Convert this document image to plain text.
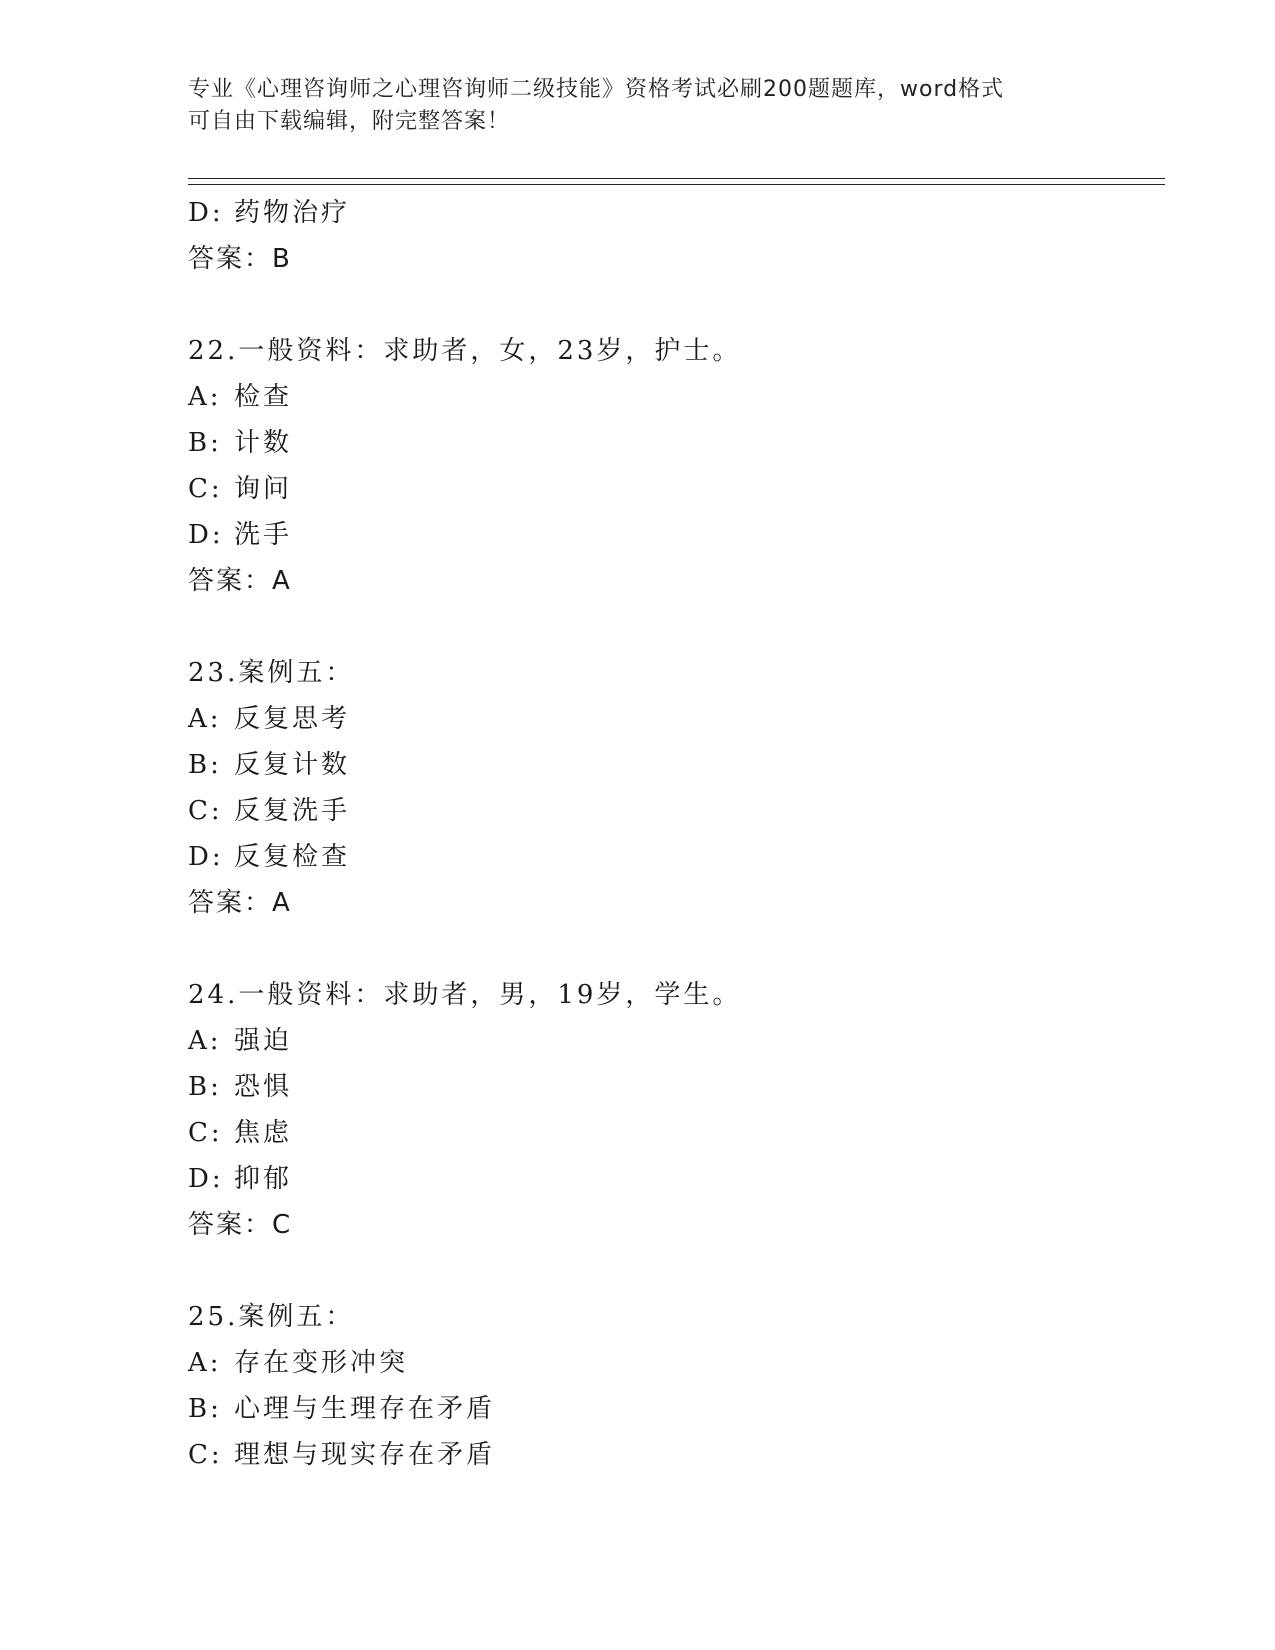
专业《心理咨询师之心理咨询师二级技能》资格考试必刷200题题库，word格式
可自由下载编辑，附完整答案！
D: 药物治疗
答案：B
22.一般资料：求助者，女，23岁，护士。
A: 检查
B: 计数
C: 询问
D: 洗手
答案：A
23.案例五：
A: 反复思考
B: 反复计数
C: 反复洗手
D: 反复检查
答案：A
24.一般资料：求助者，男，19岁，学生。
A: 强迫
B: 恐惧
C: 焦虑
D: 抑郁
答案：C
25.案例五：
A: 存在变形冲突
B: 心理与生理存在矛盾
C: 理想与现实存在矛盾
